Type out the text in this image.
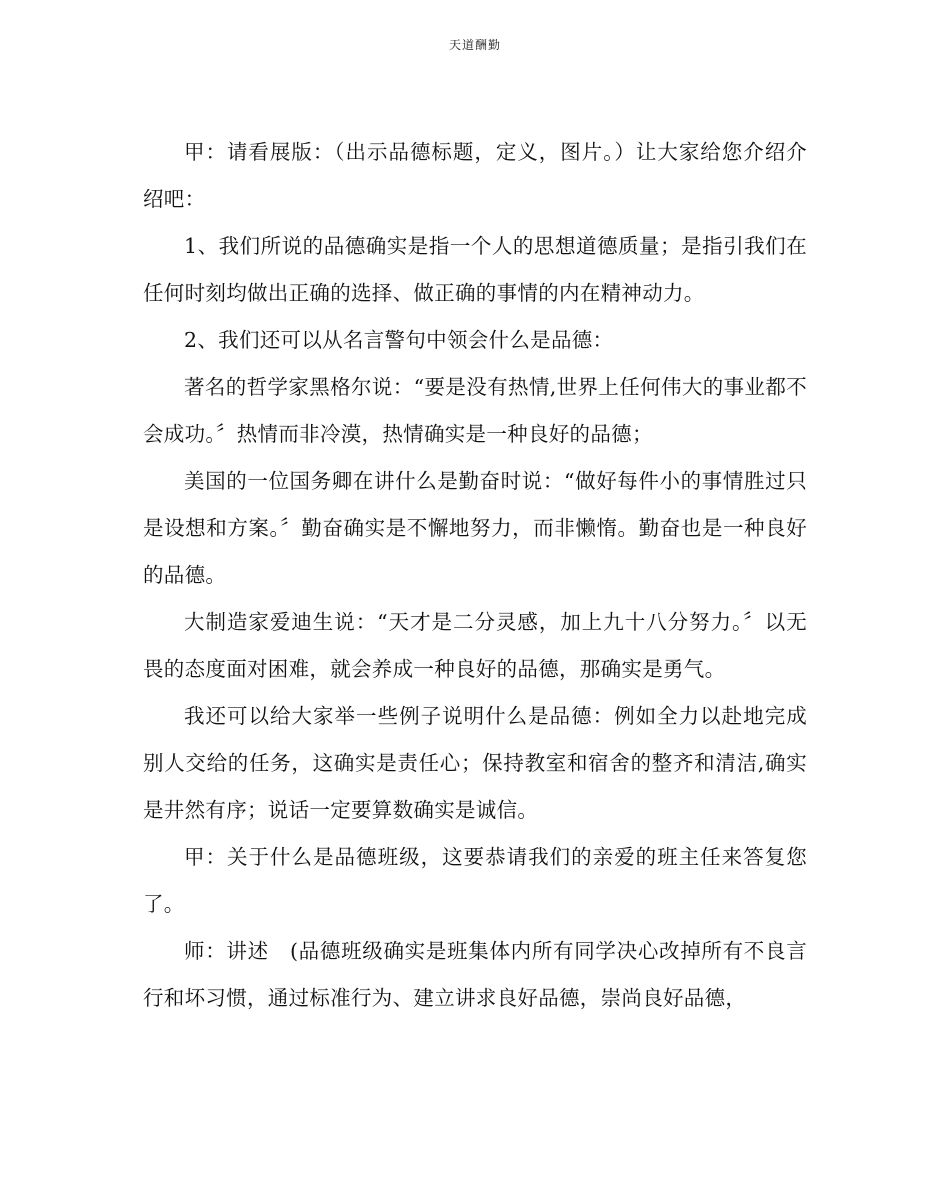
天道酬勤

甲：请看展版：（出示品德标题，定义，图片。）让大家给您介绍介绍吧：

1、我们所说的品德确实是指一个人的思想道德质量；是指引我们在任何时刻均做出正确的选择、做正确的事情的内在精神动力。

2、我们还可以从名言警句中领会什么是品德：

著名的哲学家黑格尔说：“要是没有热情,世界上任何伟大的事业都不会成功。〞热情而非冷漠，热情确实是一种良好的品德；

美国的一位国务卿在讲什么是勤奋时说：“做好每件小的事情胜过只是设想和方案。〞勤奋确实是不懈地努力，而非懒惰。勤奋也是一种良好的品德。

大制造家爱迪生说：“天才是二分灵感，加上九十八分努力。〞以无畏的态度面对困难，就会养成一种良好的品德，那确实是勇气。

我还可以给大家举一些例子说明什么是品德：例如全力以赴地完成别人交给的任务，这确实是责任心；保持教室和宿舍的整齐和清洁,确实是井然有序；说话一定要算数确实是诚信。

甲：关于什么是品德班级，这要恭请我们的亲爱的班主任来答复您了。

师：讲述　(品德班级确实是班集体内所有同学决心改掉所有不良言行和坏习惯，通过标准行为、建立讲求良好品德，崇尚良好品德，
